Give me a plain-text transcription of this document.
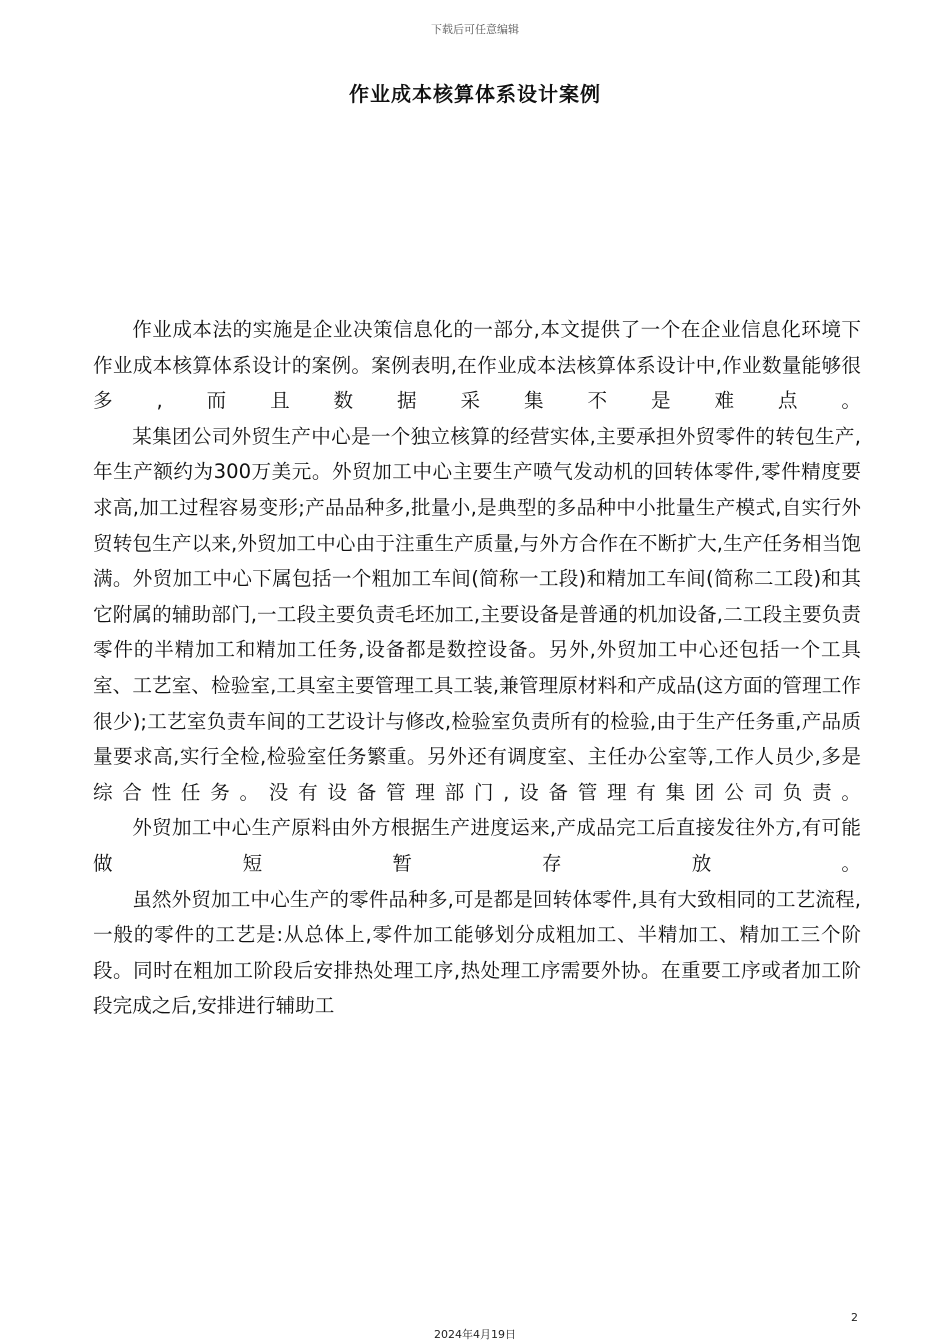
下载后可任意编辑
作业成本核算体系设计案例

作业成本法的实施是企业决策信息化的一部分,本文提供了一个在企业信息化环境下作业成本核算体系设计的案例。案例表明,在作业成本法核算体系设计中,作业数量能够很多,而且数据采集不是难点。

某集团公司外贸生产中心是一个独立核算的经营实体,主要承担外贸零件的转包生产,年生产额约为300万美元。外贸加工中心主要生产喷气发动机的回转体零件,零件精度要求高,加工过程容易变形;产品品种多,批量小,是典型的多品种中小批量生产模式,自实行外贸转包生产以来,外贸加工中心由于注重生产质量,与外方合作在不断扩大,生产任务相当饱满。外贸加工中心下属包括一个粗加工车间(简称一工段)和精加工车间(简称二工段)和其它附属的辅助部门,一工段主要负责毛坯加工,主要设备是普通的机加设备,二工段主要负责零件的半精加工和精加工任务,设备都是数控设备。另外,外贸加工中心还包括一个工具室、工艺室、检验室,工具室主要管理工具工装,兼管理原材料和产成品(这方面的管理工作很少);工艺室负责车间的工艺设计与修改,检验室负责所有的检验,由于生产任务重,产品质量要求高,实行全检,检验室任务繁重。另外还有调度室、主任办公室等,工作人员少,多是综合性任务。没有设备管理部门,设备管理有集团公司负责。

外贸加工中心生产原料由外方根据生产进度运来,产成品完工后直接发往外方,有可能做短暂存放。

虽然外贸加工中心生产的零件品种多,可是都是回转体零件,具有大致相同的工艺流程,一般的零件的工艺是:从总体上,零件加工能够划分成粗加工、半精加工、精加工三个阶段。同时在粗加工阶段后安排热处理工序,热处理工序需要外协。在重要工序或者加工阶段完成之后,安排进行辅助工

2
2024年4月19日
